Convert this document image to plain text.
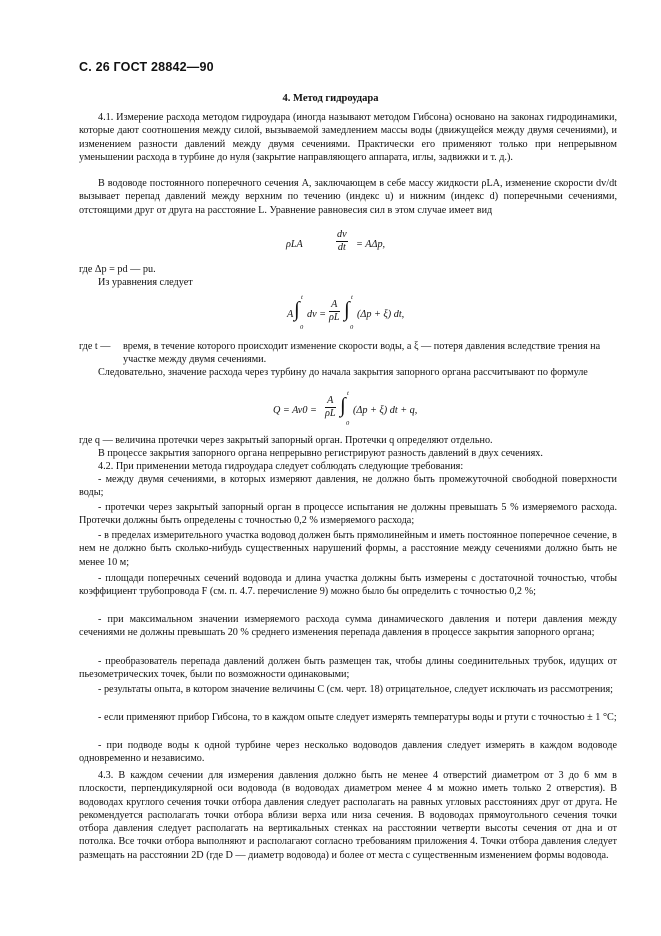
С. 26 ГОСТ 28842—90
4. Метод гидроудара

4.1. Измерение расхода методом гидроудара (иногда называют методом Гибсона) основано на законах гидродинамики, которые дают соотношения между силой, вызываемой замедлением массы воды (движущейся между двумя сечениями), и изменением разности давлений между двумя сечениями. Практически его применяют только при непрерывном уменьшении расхода в турбине до нуля (закрытие направляющего аппарата, иглы, задвижки и т. д.).

В водоводе постоянного поперечного сечения A, заключающем в себе массу жидкости ρLA, изменение скорости dv/dt вызывает перепад давлений между верхним по течению (индекс u) и нижним (индекс d) поперечными сечениями, отстоящими друг от друга на расстояние L. Уравнение равновесия сил в этом случае имеет вид

ρLA	$\frac{dv}{dt} = A\Delta p$,

где Δp = pd — pu.

Из уравнения следует

A
t
∫
0
dv = $\frac{A}{\rho L}$
t
∫
0
(Δp + ξ) dt,
где t — время, в течение которого происходит изменение скорости воды, а ξ — потеря давления вследствие трения на участке между двумя сечениями.

Следовательно, значение расхода через турбину до начала закрытия запорного органа рассчитывают по формуле

$Q = Av0 = \frac{A}{\rho L}$
t
∫
0
(Δp + ξ) dt + q,

где q — величина протечки через закрытый запорный орган. Протечки q определяют отдельно.

В процессе закрытия запорного органа непрерывно регистрируют разность давлений в двух сечениях.

4.2. При применении метода гидроудара следует соблюдать следующие требования:

- между двумя сечениями, в которых измеряют давления, не должно быть промежуточной свободной поверхности воды;

- протечки через закрытый запорный орган в процессе испытания не должны превышать 5 % измеряемого расхода. Протечки должны быть определены с точностью 0,2 % измеряемого расхода;

- в пределах измерительного участка водовод должен быть прямолинейным и иметь постоянное поперечное сечение, в нем не должно быть сколько-нибудь существенных нарушений формы, а расстояние между сечениями должно быть не менее 10 м;

- площади поперечных сечений водовода и длина участка должны быть измерены с достаточной точностью, чтобы коэффициент трубопровода F (см. п. 4.7. перечисление 9) можно было бы определить с точностью 0,2 %;

- при максимальном значении измеряемого расхода сумма динамического давления и потери давления между сечениями не должны превышать 20 % среднего изменения перепада давления в процессе закрытия запорного органа;

- преобразователь перепада давлений должен быть размещен так, чтобы длины соединительных трубок, идущих от пьезометрических точек, были по возможности одинаковыми;

- результаты опыта, в котором значение величины C (см. черт. 18) отрицательное, следует исключать из рассмотрения;

- если применяют прибор Гибсона, то в каждом опыте следует измерять температуры воды и ртути с точностью ± 1 °C;

- при подводе воды к одной турбине через несколько водоводов давления следует измерять в каждом водоводе одновременно и независимо.

4.3. В каждом сечении для измерения давления должно быть не менее 4 отверстий диаметром от 3 до 6 мм в плоскости, перпендикулярной оси водовода (в водоводах диаметром менее 4 м можно иметь только 2 отверстия). В водоводах круглого сечения точки отбора давления следует располагать на равных угловых расстояниях друг от друга. Не рекомендуется располагать точки отбора вблизи верха или низа сечения. В водоводах прямоугольного сечения точки отбора давления следует располагать на вертикальных стенках на расстоянии четверти высоты сечения от дна и от потолка. Все точки отбора выполняют и располагают согласно требованиям приложения 4. Точки отбора давления следует размещать на расстоянии 2D (где D — диаметр водовода) и более от места с существенным изменением формы водовода.
